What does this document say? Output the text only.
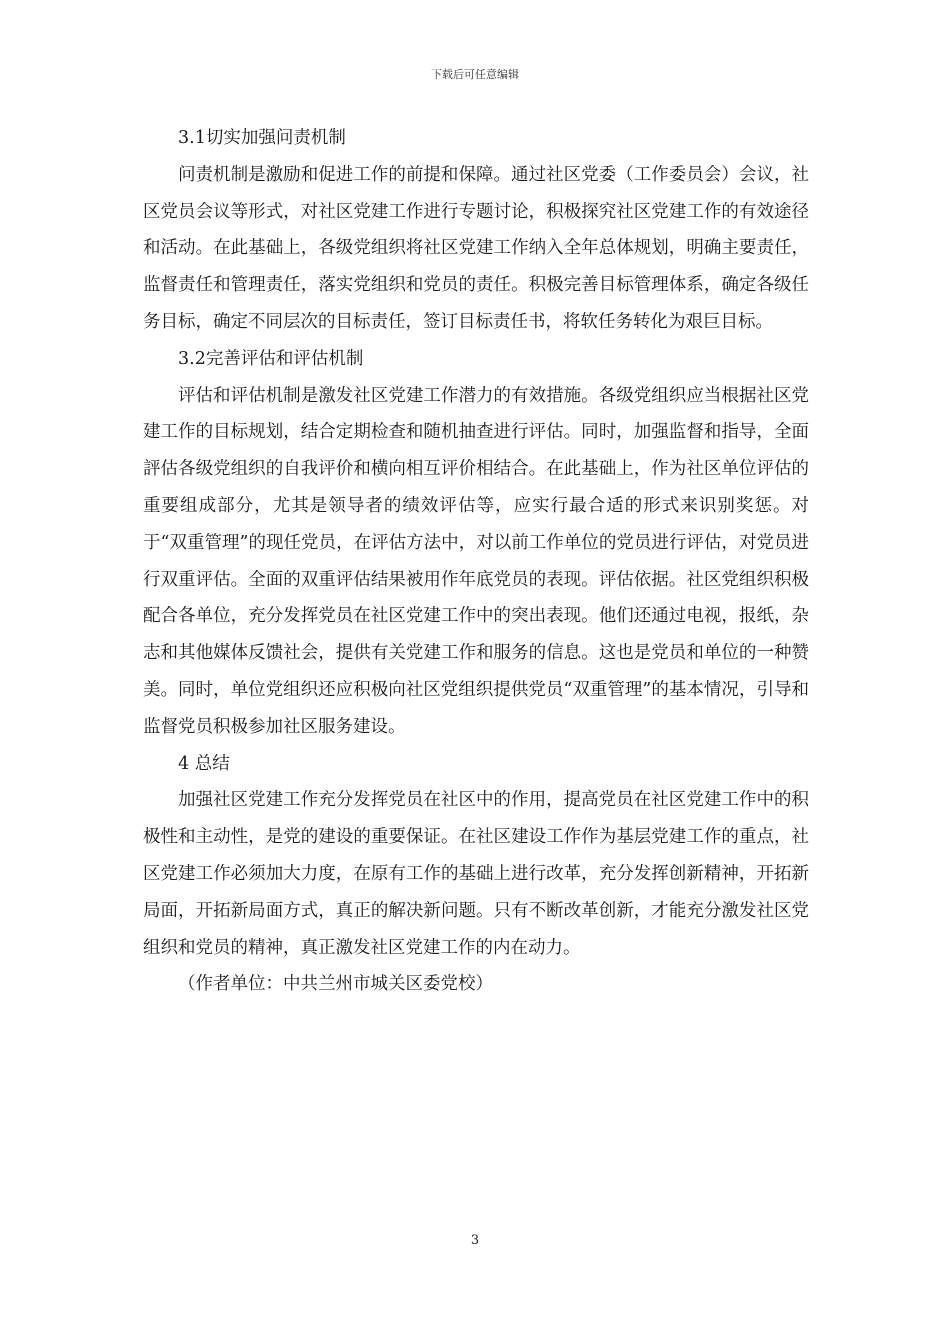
下载后可任意编辑

3.1切实加强问责机制

问责机制是激励和促进工作的前提和保障。通过社区党委（工作委员会）会议，社区党员会议等形式，对社区党建工作进行专题讨论，积极探究社区党建工作的有效途径和活动。在此基础上，各级党组织将社区党建工作纳入全年总体规划，明确主要责任，监督责任和管理责任，落实党组织和党员的责任。积极完善目标管理体系，确定各级任务目标，确定不同层次的目标责任，签订目标责任书，将软任务转化为艰巨目标。

3.2完善评估和评估机制

评估和评估机制是激发社区党建工作潜力的有效措施。各级党组织应当根据社区党建工作的目标规划，结合定期检查和随机抽查进行评估。同时，加强监督和指导，全面評估各级党组织的自我评价和横向相互评价相结合。在此基础上，作为社区单位评估的重要组成部分，尤其是领导者的绩效评估等，应实行最合适的形式来识别奖惩。对于“双重管理”的现任党员，在评估方法中，对以前工作单位的党员进行评估，对党员进行双重评估。全面的双重评估结果被用作年底党员的表现。评估依据。社区党组织积极配合各单位，充分发挥党员在社区党建工作中的突出表现。他们还通过电视，报纸，杂志和其他媒体反馈社会，提供有关党建工作和服务的信息。这也是党员和单位的一种赞美。同时，单位党组织还应积极向社区党组织提供党员“双重管理”的基本情况，引导和监督党员积极参加社区服务建设。

4 总结

加强社区党建工作充分发挥党员在社区中的作用，提高党员在社区党建工作中的积极性和主动性，是党的建设的重要保证。在社区建设工作作为基层党建工作的重点，社区党建工作必须加大力度，在原有工作的基础上进行改革，充分发挥创新精神，开拓新局面，开拓新局面方式，真正的解决新问题。只有不断改革创新，才能充分激发社区党组织和党员的精神，真正激发社区党建工作的内在动力。

（作者单位：中共兰州市城关区委党校）

3
